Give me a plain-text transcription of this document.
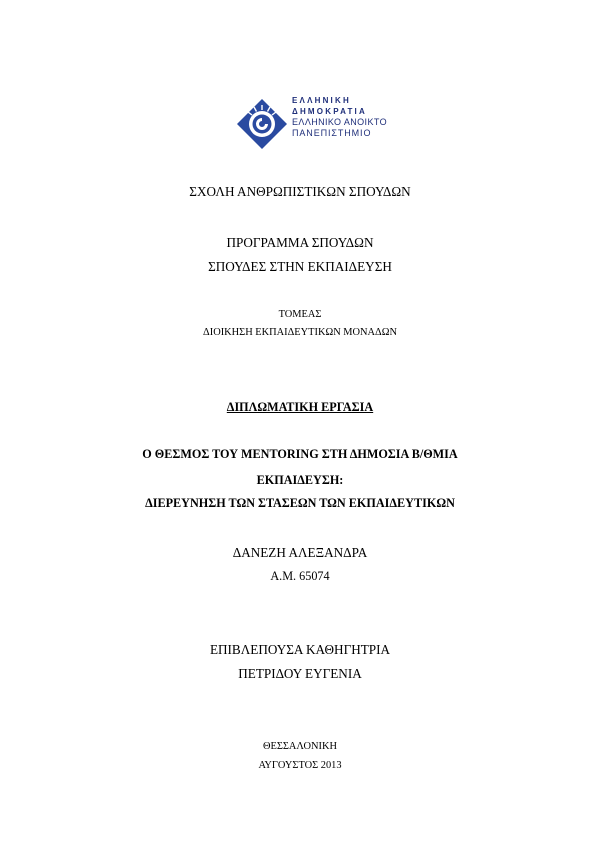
ΕΛΛΗΝΙΚΗ
ΔΗΜΟΚΡΑΤΙΑ
ΕΛΛΗΝΙΚΟ ΑΝΟΙΚΤΟ
ΠΑΝΕΠΙΣΤΗΜΙΟ
ΣΧΟΛΗ ΑΝΘΡΩΠΙΣΤΙΚΩΝ ΣΠΟΥΔΩΝ
ΠΡΟΓΡΑΜΜΑ ΣΠΟΥΔΩΝ
ΣΠΟΥΔΕΣ ΣΤΗΝ ΕΚΠΑΙΔΕΥΣΗ
ΤΟΜΕΑΣ
ΔΙΟΙΚΗΣΗ ΕΚΠΑΙΔΕΥΤΙΚΩΝ ΜΟΝΑΔΩΝ
ΔΙΠΛΩΜΑΤΙΚΗ ΕΡΓΑΣΙΑ
Ο ΘΕΣΜΟΣ ΤΟΥ MENTORING ΣΤΗ ΔΗΜΟΣΙΑ Β/ΘΜΙΑ
ΕΚΠΑΙΔΕΥΣΗ:
ΔΙΕΡΕΥΝΗΣΗ ΤΩΝ ΣΤΑΣΕΩΝ ΤΩΝ ΕΚΠΑΙΔΕΥΤΙΚΩΝ
ΔΑΝΕΖΗ ΑΛΕΞΑΝΔΡΑ
Α.Μ. 65074
ΕΠΙΒΛΕΠΟΥΣΑ ΚΑΘΗΓΗΤΡΙΑ
ΠΕΤΡΙΔΟΥ ΕΥΓΕΝΙΑ
ΘΕΣΣΑΛΟΝΙΚΗ
ΑΥΓΟΥΣΤΟΣ 2013
